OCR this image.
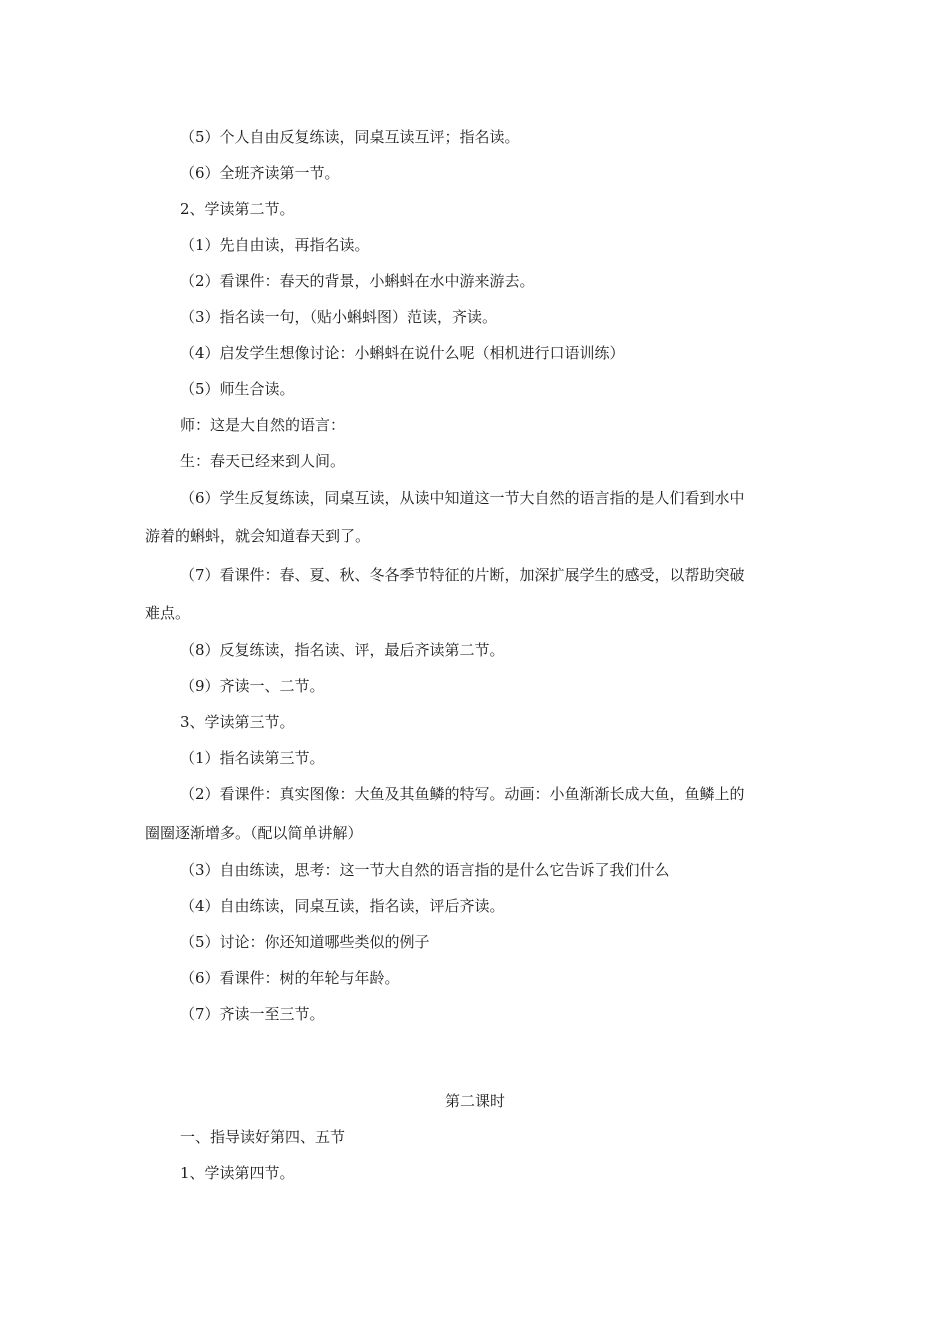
（5）个人自由反复练读，同桌互读互评；指名读。
（6）全班齐读第一节。
2、学读第二节。
（1）先自由读，再指名读。
（2）看课件：春天的背景，小蝌蚪在水中游来游去。
（3）指名读一句，（贴小蝌蚪图）范读，齐读。
（4）启发学生想像讨论：小蝌蚪在说什么呢（相机进行口语训练）
（5）师生合读。
师：这是大自然的语言：
生：春天已经来到人间。
（6）学生反复练读，同桌互读，从读中知道这一节大自然的语言指的是人们看到水中
游着的蝌蚪，就会知道春天到了。
（7）看课件：春、夏、秋、冬各季节特征的片断，加深扩展学生的感受，以帮助突破
难点。
（8）反复练读，指名读、评，最后齐读第二节。
（9）齐读一、二节。
3、学读第三节。
（1）指名读第三节。
（2）看课件：真实图像：大鱼及其鱼鳞的特写。动画：小鱼渐渐长成大鱼，鱼鳞上的
圈圈逐渐增多。（配以简单讲解）
（3）自由练读，思考：这一节大自然的语言指的是什么它告诉了我们什么
（4）自由练读，同桌互读，指名读，评后齐读。
（5）讨论：你还知道哪些类似的例子
（6）看课件：树的年轮与年龄。
（7）齐读一至三节。
第二课时
一、指导读好第四、五节
1、学读第四节。
